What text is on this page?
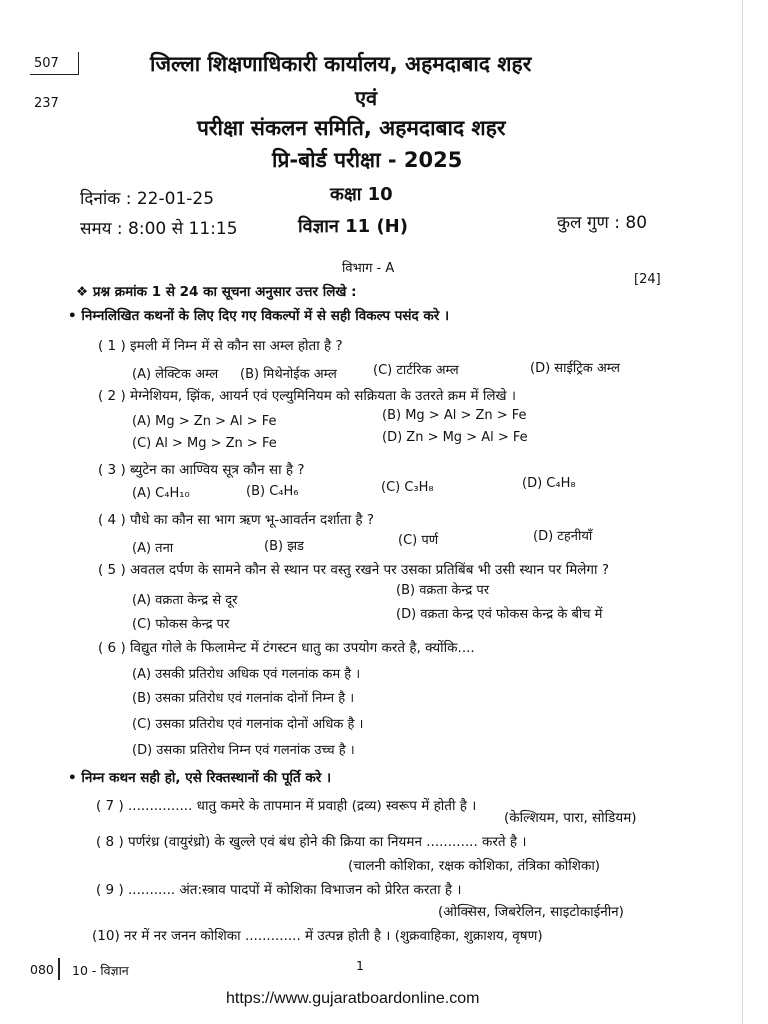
507
237
जिल्ला शिक्षणाधिकारी कार्यालय, अहमदाबाद शहर
एवं
परीक्षा संकलन समिति, अहमदाबाद शहर
प्रि-बोर्ड परीक्षा - 2025
दिनांक : 22-01-25	कक्षा 10
समय : 8:00 से 11:15	विज्ञान 11 (H)	कुल गुण : 80
विभाग - A
[24]
❖ प्रश्न क्रमांक 1 से 24 का सूचना अनुसार उत्तर लिखे :
• निम्नलिखित कथनों के लिए दिए गए विकल्पों में से सही विकल्प पसंद करे ।
( 1 ) इमली में निम्न में से कौन सा अम्ल होता है ?
(A) लेक्टिक अम्ल (B) मिथेनोईक अम्ल	(C) टार्टरिक अम्ल	(D) साईट्रिक अम्ल
( 2 ) मेग्नेशियम, झिंक, आयर्न एवं एल्युमिनियम को सक्रियता के उतरते क्रम में लिखे ।
(A) Mg > Zn > Al > Fe	(B) Mg > Al > Zn > Fe
(C) Al > Mg > Zn > Fe	(D) Zn > Mg > Al > Fe
( 3 ) ब्युटेन का आण्विय सूत्र कौन सा है ?
(A) C₄H₁₀	(B) C₄H₆	(C) C₃H₈	(D) C₄H₈
( 4 ) पौधे का कौन सा भाग ऋण भू-आवर्तन दर्शाता है ?
(A) तना	(B) झड	(C) पर्ण	(D) टहनीयाँ
( 5 ) अवतल दर्पण के सामने कौन से स्थान पर वस्तु रखने पर उसका प्रतिबिंब भी उसी स्थान पर मिलेगा ?
(A) वक्रता केन्द्र से दूर
(B) वक्रता केन्द्र पर
(C) फोकस केन्द्र पर
(D) वक्रता केन्द्र एवं फोकस केन्द्र के बीच में
( 6 ) विद्युत गोले के फिलामेन्ट में टंगस्टन धातु का उपयोग करते है, क्योंकि....
(A) उसकी प्रतिरोध अधिक एवं गलनांक कम है ।
(B) उसका प्रतिरोध एवं गलनांक दोनों निम्न है ।
(C) उसका प्रतिरोध एवं गलनांक दोनों अधिक है ।
(D) उसका प्रतिरोध निम्न एवं गलनांक उच्च है ।
• निम्न कथन सही हो, एसे रिक्तस्थानों की पूर्ति करे ।
( 7 ) ............... धातु कमरे के तापमान में प्रवाही (द्रव्य) स्वरूप में होती है ।
(केल्शियम, पारा, सोडियम)
( 8 ) पर्णरंध्र (वायुरंध्रो) के खुल्ले एवं बंध होने की क्रिया का नियमन ............ करते है ।
(चालनी कोशिका, रक्षक कोशिका, तंत्रिका कोशिका)
( 9 ) ........... अंत:स्त्राव पादपों में कोशिका विभाजन को प्रेरित करता है ।
(ओक्सिस, जिबरेलिन, साइटोकाईनीन)
(10) नर में नर जनन कोशिका ............. में उत्पन्न होती है । (शुक्रवाहिका, शुक्राशय, वृषण)
080 10 - विज्ञान	1
https://www.gujaratboardonline.com
